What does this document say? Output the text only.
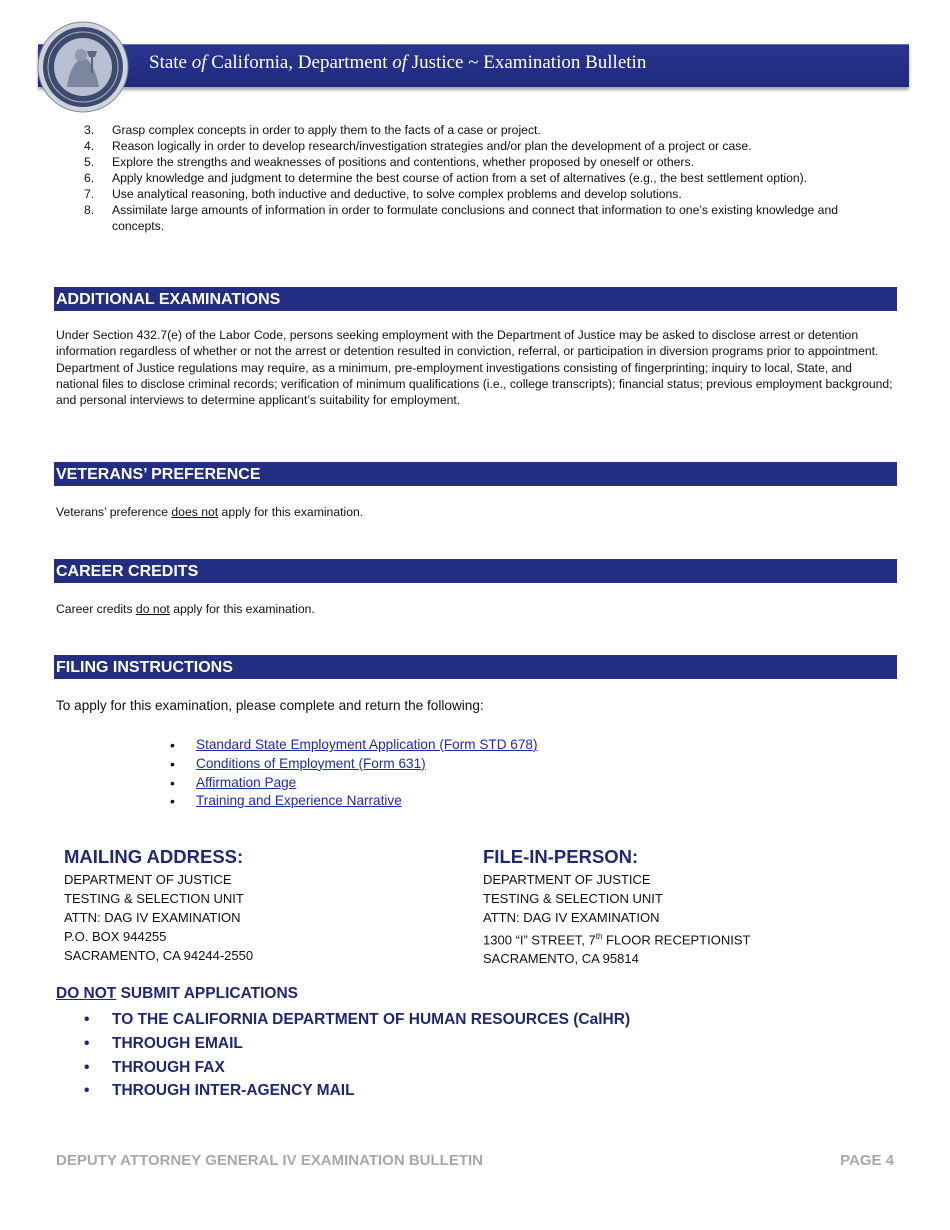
State of California, Department of Justice ~ Examination Bulletin
3.	Grasp complex concepts in order to apply them to the facts of a case or project.
4.	Reason logically in order to develop research/investigation strategies and/or plan the development of a project or case.
5.	Explore the strengths and weaknesses of positions and contentions, whether proposed by oneself or others.
6.	Apply knowledge and judgment to determine the best course of action from a set of alternatives (e.g., the best settlement option).
7.	Use analytical reasoning, both inductive and deductive, to solve complex problems and develop solutions.
8.	Assimilate large amounts of information in order to formulate conclusions and connect that information to one’s existing knowledge and concepts.
ADDITIONAL EXAMINATIONS
Under Section 432.7(e) of the Labor Code, persons seeking employment with the Department of Justice may be asked to disclose arrest or detention information regardless of whether or not the arrest or detention resulted in conviction, referral, or participation in diversion programs prior to appointment. Department of Justice regulations may require, as a minimum, pre-employment investigations consisting of fingerprinting; inquiry to local, State, and national files to disclose criminal records; verification of minimum qualifications (i.e., college transcripts); financial status; previous employment background; and personal interviews to determine applicant’s suitability for employment.
VETERANS’ PREFERENCE
Veterans’ preference does not apply for this examination.
CAREER CREDITS
Career credits do not apply for this examination.
FILING INSTRUCTIONS
To apply for this examination, please complete and return the following:
•	Standard State Employment Application (Form STD 678)
•	Conditions of Employment (Form 631)
•	Affirmation Page
•	Training and Experience Narrative
MAILING ADDRESS:
DEPARTMENT OF JUSTICE
TESTING & SELECTION UNIT
ATTN: DAG IV EXAMINATION
P.O. BOX 944255
SACRAMENTO, CA 94244-2550
FILE-IN-PERSON:
DEPARTMENT OF JUSTICE
TESTING & SELECTION UNIT
ATTN: DAG IV EXAMINATION
1300 “I” STREET, 7th FLOOR RECEPTIONIST
SACRAMENTO, CA 95814
DO NOT SUBMIT APPLICATIONS
•	TO THE CALIFORNIA DEPARTMENT OF HUMAN RESOURCES (CalHR)
•	THROUGH EMAIL
•	THROUGH FAX
•	THROUGH INTER-AGENCY MAIL
DEPUTY ATTORNEY GENERAL IV EXAMINATION BULLETIN	PAGE 4
